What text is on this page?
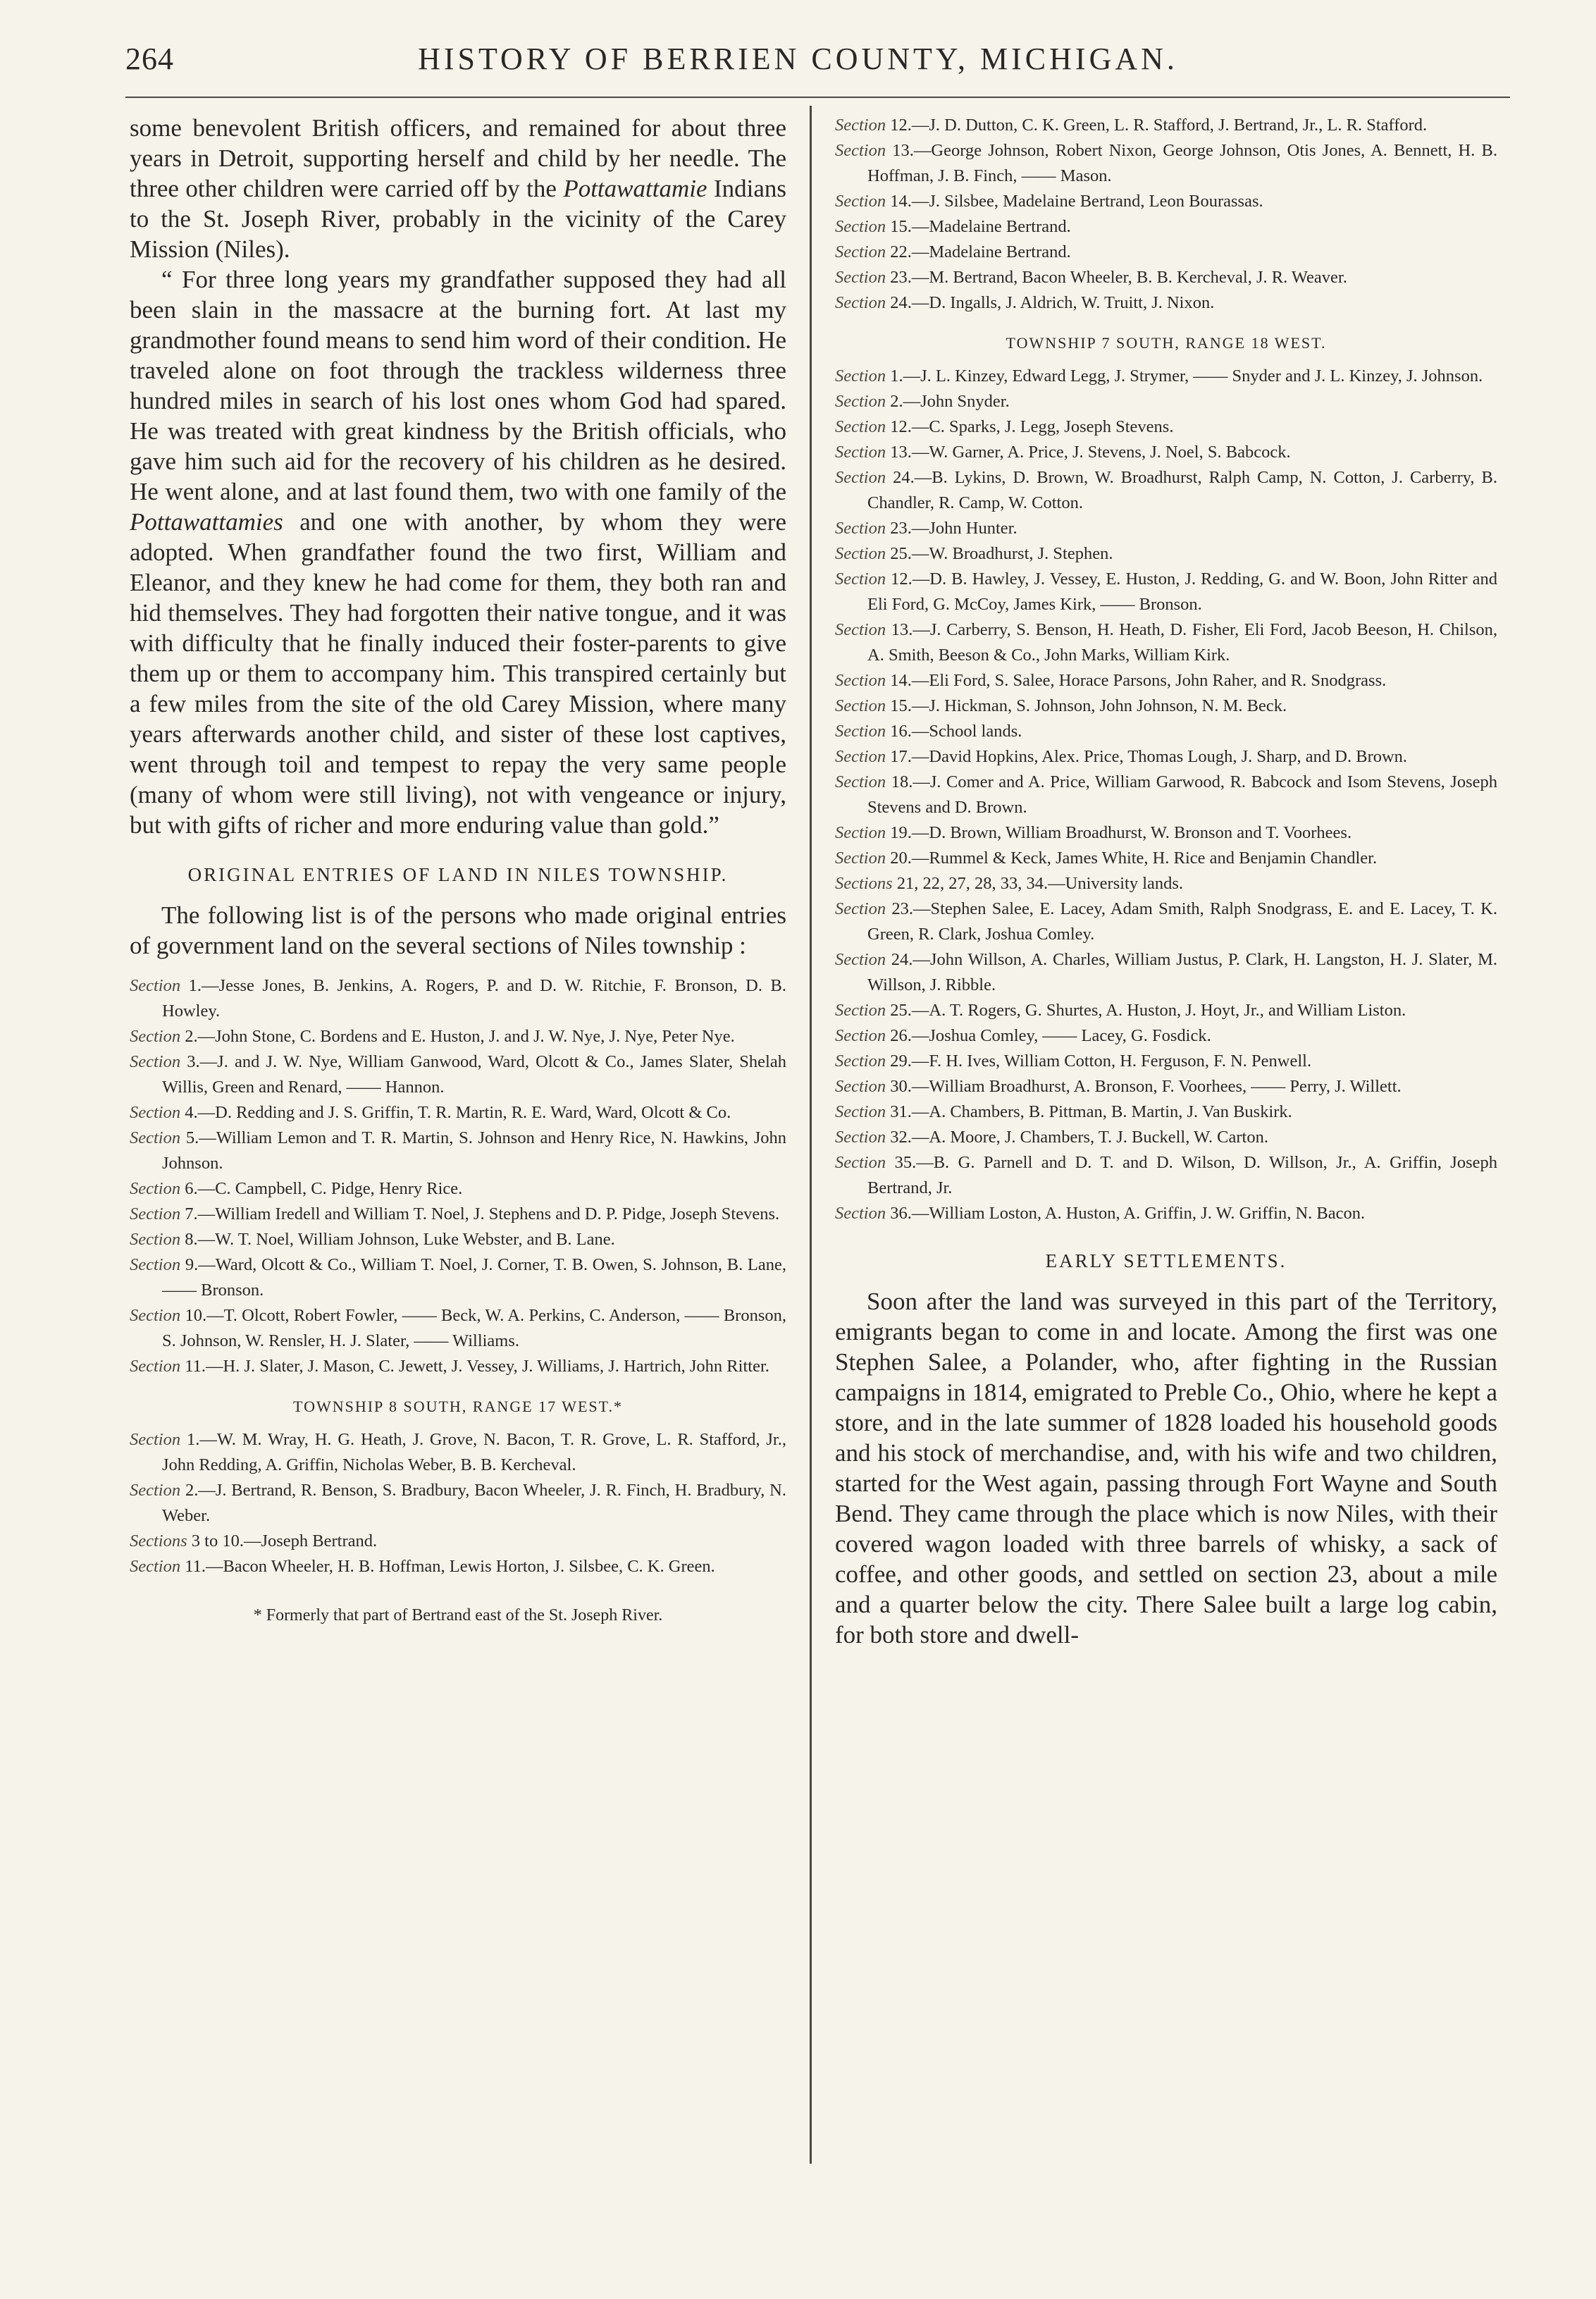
264	HISTORY OF BERRIEN COUNTY, MICHIGAN.

some benevolent British officers, and remained for about three years in Detroit, supporting herself and child by her needle. The three other children were carried off by the Pottawattamie Indians to the St. Joseph River, probably in the vicinity of the Carey Mission (Niles).

“ For three long years my grandfather supposed they had all been slain in the massacre at the burning fort. At last my grandmother found means to send him word of their condition. He traveled alone on foot through the trackless wilderness three hundred miles in search of his lost ones whom God had spared. He was treated with great kindness by the British officials, who gave him such aid for the recovery of his children as he desired. He went alone, and at last found them, two with one family of the Pottawattamies and one with another, by whom they were adopted. When grandfather found the two first, William and Eleanor, and they knew he had come for them, they both ran and hid themselves. They had forgotten their native tongue, and it was with difficulty that he finally induced their foster-parents to give them up or them to accompany him. This transpired certainly but a few miles from the site of the old Carey Mission, where many years afterwards another child, and sister of these lost captives, went through toil and tempest to repay the very same people (many of whom were still living), not with vengeance or injury, but with gifts of richer and more enduring value than gold.”

ORIGINAL ENTRIES OF LAND IN NILES TOWNSHIP.

The following list is of the persons who made original entries of government land on the several sections of Niles township :

Section 1.—Jesse Jones, B. Jenkins, A. Rogers, P. and D. W. Ritchie, F. Bronson, D. B. Howley.

Section 2.—John Stone, C. Bordens and E. Huston, J. and J. W. Nye, J. Nye, Peter Nye.

Section 3.—J. and J. W. Nye, William Ganwood, Ward, Olcott & Co., James Slater, Shelah Willis, Green and Renard, —— Hannon.

Section 4.—D. Redding and J. S. Griffin, T. R. Martin, R. E. Ward, Ward, Olcott & Co.

Section 5.—William Lemon and T. R. Martin, S. Johnson and Henry Rice, N. Hawkins, John Johnson.

Section 6.—C. Campbell, C. Pidge, Henry Rice.

Section 7.—William Iredell and William T. Noel, J. Stephens and D. P. Pidge, Joseph Stevens.

Section 8.—W. T. Noel, William Johnson, Luke Webster, and B. Lane.

Section 9.—Ward, Olcott & Co., William T. Noel, J. Corner, T. B. Owen, S. Johnson, B. Lane, —— Bronson.

Section 10.—T. Olcott, Robert Fowler, —— Beck, W. A. Perkins, C. Anderson, —— Bronson, S. Johnson, W. Rensler, H. J. Slater, —— Williams.

Section 11.—H. J. Slater, J. Mason, C. Jewett, J. Vessey, J. Williams, J. Hartrich, John Ritter.

TOWNSHIP 8 SOUTH, RANGE 17 WEST.*

Section 1.—W. M. Wray, H. G. Heath, J. Grove, N. Bacon, T. R. Grove, L. R. Stafford, Jr., John Redding, A. Griffin, Nicholas Weber, B. B. Kercheval.

Section 2.—J. Bertrand, R. Benson, S. Bradbury, Bacon Wheeler, J. R. Finch, H. Bradbury, N. Weber.

Sections 3 to 10.—Joseph Bertrand.

Section 11.—Bacon Wheeler, H. B. Hoffman, Lewis Horton, J. Silsbee, C. K. Green.

* Formerly that part of Bertrand east of the St. Joseph River.

Section 12.—J. D. Dutton, C. K. Green, L. R. Stafford, J. Bertrand, Jr., L. R. Stafford.

Section 13.—George Johnson, Robert Nixon, George Johnson, Otis Jones, A. Bennett, H. B. Hoffman, J. B. Finch, —— Mason.

Section 14.—J. Silsbee, Madelaine Bertrand, Leon Bourassas.

Section 15.—Madelaine Bertrand.

Section 22.—Madelaine Bertrand.

Section 23.—M. Bertrand, Bacon Wheeler, B. B. Kercheval, J. R. Weaver.

Section 24.—D. Ingalls, J. Aldrich, W. Truitt, J. Nixon.

TOWNSHIP 7 SOUTH, RANGE 18 WEST.

Section 1.—J. L. Kinzey, Edward Legg, J. Strymer, —— Snyder and J. L. Kinzey, J. Johnson.

Section 2.—John Snyder.

Section 12.—C. Sparks, J. Legg, Joseph Stevens.

Section 13.—W. Garner, A. Price, J. Stevens, J. Noel, S. Babcock.

Section 24.—B. Lykins, D. Brown, W. Broadhurst, Ralph Camp, N. Cotton, J. Carberry, B. Chandler, R. Camp, W. Cotton.

Section 23.—John Hunter.

Section 25.—W. Broadhurst, J. Stephen.

Section 12.—D. B. Hawley, J. Vessey, E. Huston, J. Redding, G. and W. Boon, John Ritter and Eli Ford, G. McCoy, James Kirk, —— Bronson.

Section 13.—J. Carberry, S. Benson, H. Heath, D. Fisher, Eli Ford, Jacob Beeson, H. Chilson, A. Smith, Beeson & Co., John Marks, William Kirk.

Section 14.—Eli Ford, S. Salee, Horace Parsons, John Raher, and R. Snodgrass.

Section 15.—J. Hickman, S. Johnson, John Johnson, N. M. Beck.

Section 16.—School lands.

Section 17.—David Hopkins, Alex. Price, Thomas Lough, J. Sharp, and D. Brown.

Section 18.—J. Comer and A. Price, William Garwood, R. Babcock and Isom Stevens, Joseph Stevens and D. Brown.

Section 19.—D. Brown, William Broadhurst, W. Bronson and T. Voorhees.

Section 20.—Rummel & Keck, James White, H. Rice and Benjamin Chandler.

Sections 21, 22, 27, 28, 33, 34.—University lands.

Section 23.—Stephen Salee, E. Lacey, Adam Smith, Ralph Snodgrass, E. and E. Lacey, T. K. Green, R. Clark, Joshua Comley.

Section 24.—John Willson, A. Charles, William Justus, P. Clark, H. Langston, H. J. Slater, M. Willson, J. Ribble.

Section 25.—A. T. Rogers, G. Shurtes, A. Huston, J. Hoyt, Jr., and William Liston.

Section 26.—Joshua Comley, —— Lacey, G. Fosdick.

Section 29.—F. H. Ives, William Cotton, H. Ferguson, F. N. Penwell.

Section 30.—William Broadhurst, A. Bronson, F. Voorhees, —— Perry, J. Willett.

Section 31.—A. Chambers, B. Pittman, B. Martin, J. Van Buskirk.

Section 32.—A. Moore, J. Chambers, T. J. Buckell, W. Carton.

Section 35.—B. G. Parnell and D. T. and D. Wilson, D. Willson, Jr., A. Griffin, Joseph Bertrand, Jr.

Section 36.—William Loston, A. Huston, A. Griffin, J. W. Griffin, N. Bacon.

EARLY SETTLEMENTS.

Soon after the land was surveyed in this part of the Territory, emigrants began to come in and locate. Among the first was one Stephen Salee, a Polander, who, after fighting in the Russian campaigns in 1814, emigrated to Preble Co., Ohio, where he kept a store, and in the late summer of 1828 loaded his household goods and his stock of merchandise, and, with his wife and two children, started for the West again, passing through Fort Wayne and South Bend. They came through the place which is now Niles, with their covered wagon loaded with three barrels of whisky, a sack of coffee, and other goods, and settled on section 23, about a mile and a quarter below the city. There Salee built a large log cabin, for both store and dwell-
